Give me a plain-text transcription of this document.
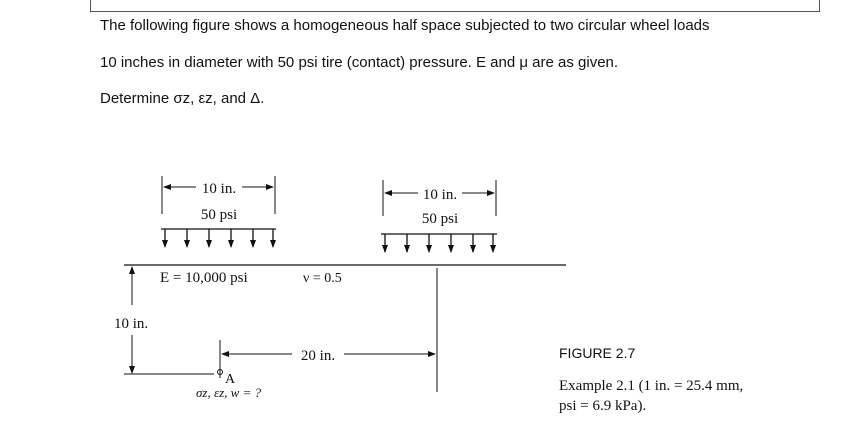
The following figure shows a homogeneous half space subjected to two circular wheel loads
10 inches in diameter with 50 psi tire (contact) pressure. E and μ are as given.
Determine σz, εz, and Δ.
10 in.
50 psi
10 in.
50 psi
E = 10,000 psi	ν = 0.5
10 in.
20 in.
A
σz, εz, w = ?
FIGURE 2.7
Example 2.1 (1 in. = 25.4 mm,
psi = 6.9 kPa).
